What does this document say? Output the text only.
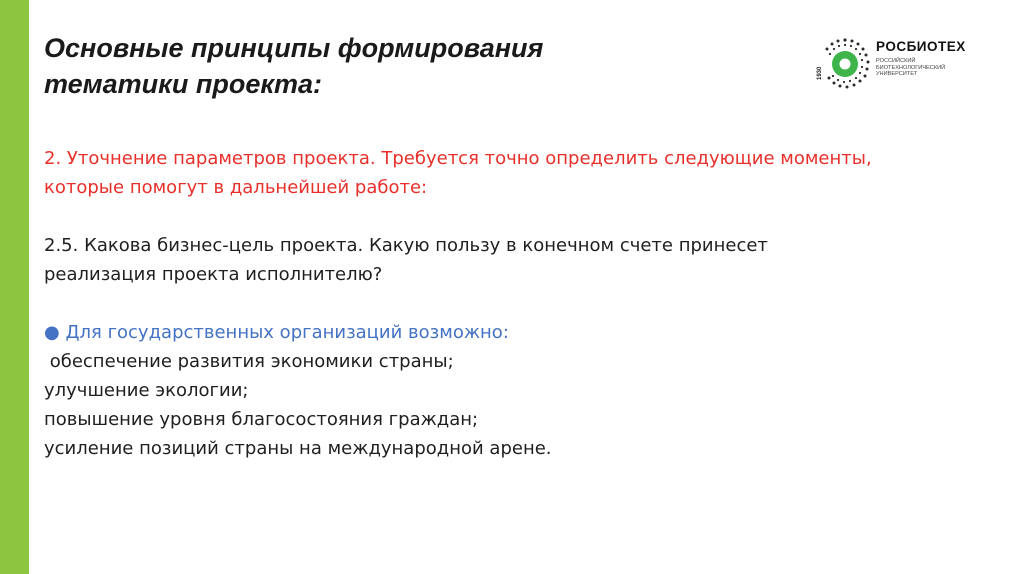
Основные принципы формирования
тематики проекта:
РОСБИОТЕХ
РОССИЙСКИЙ
БИОТЕХНОЛОГИЧЕСКИЙ
УНИВЕРСИТЕТ
1930

2. Уточнение параметров проекта. Требуется точно определить следующие моменты,

которые помогут в дальнейшей работе:

2.5. Какова бизнес-цель проекта. Какую пользу в конечном счете принесет

реализация проекта исполнителю?

● Для государственных организаций возможно:

обеспечение развития экономики страны;

улучшение экологии;

повышение уровня благосостояния граждан;

усиление позиций страны на международной арене.
